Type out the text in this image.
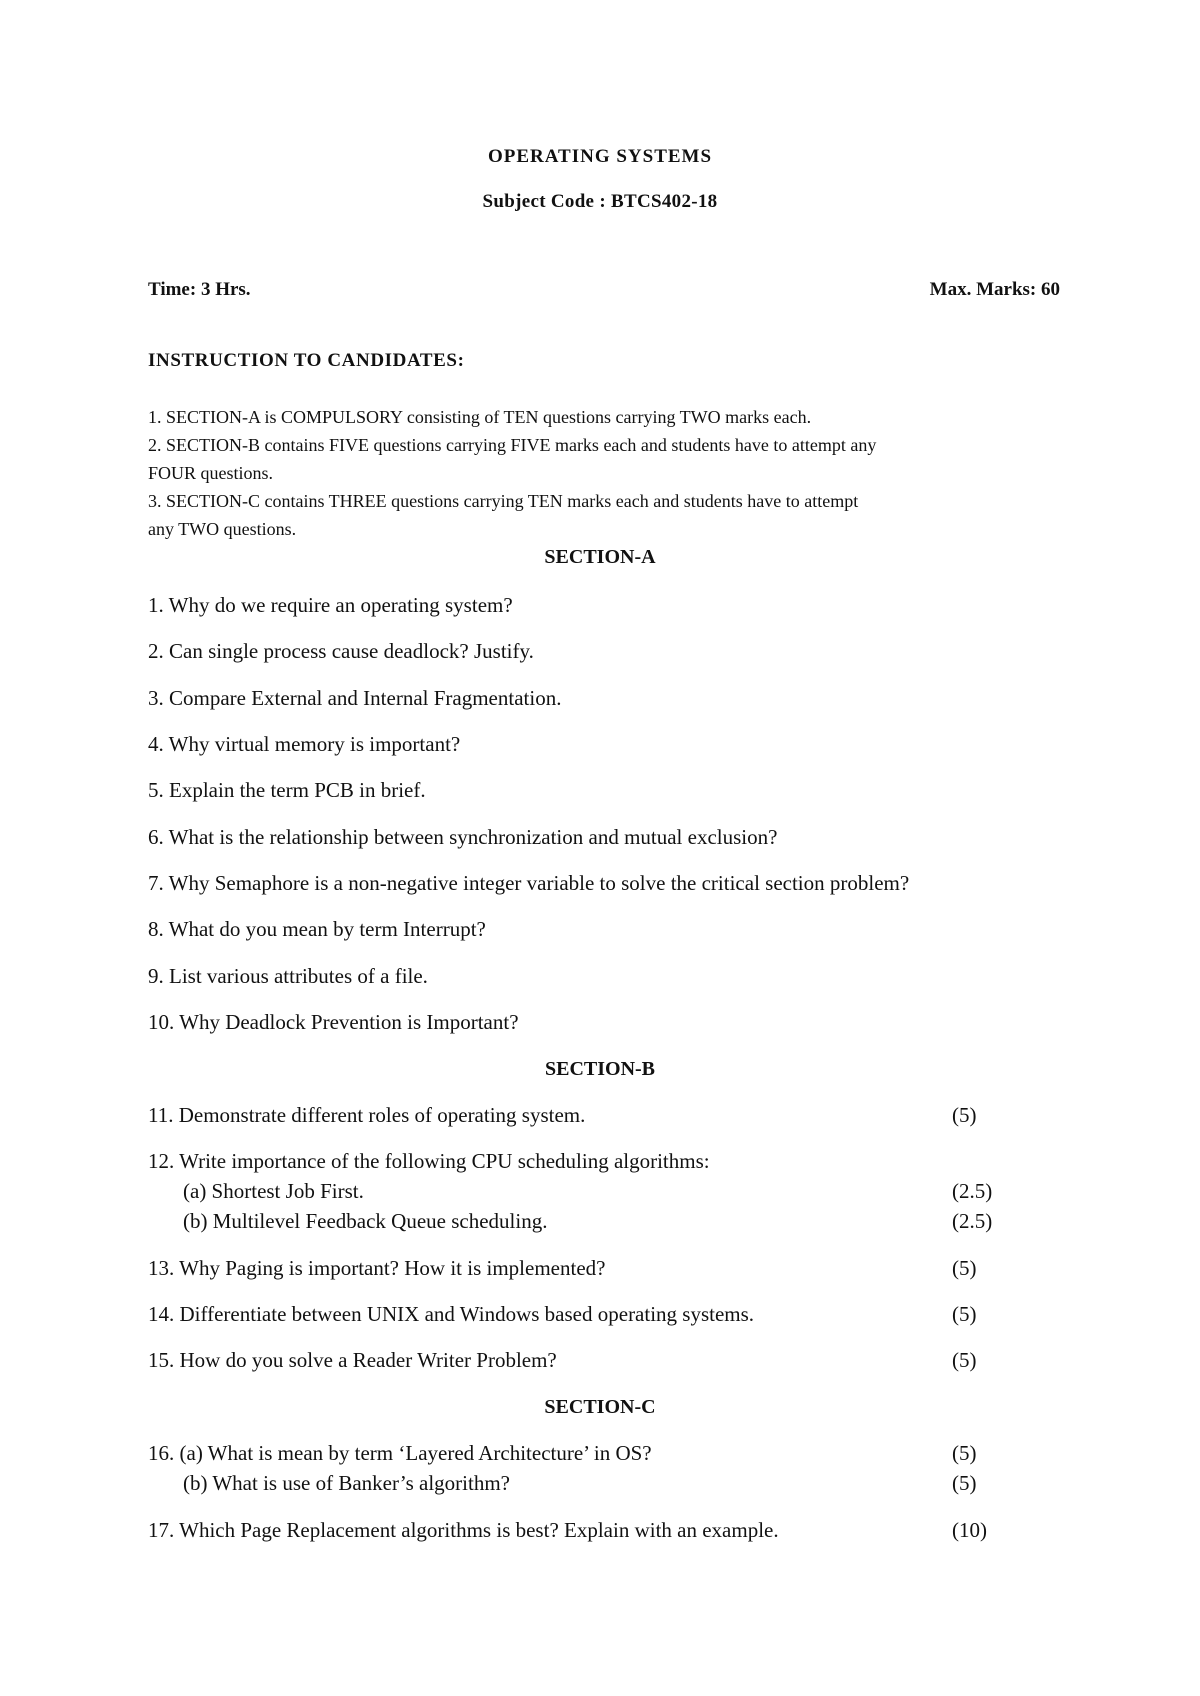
OPERATING SYSTEMS
Subject Code : BTCS402-18
Time: 3 Hrs.	Max. Marks: 60
INSTRUCTION TO CANDIDATES:
1. SECTION-A is COMPULSORY consisting of TEN questions carrying TWO marks each.
2. SECTION-B contains FIVE questions carrying FIVE marks each and students have to attempt any
FOUR questions.
3. SECTION-C contains THREE questions carrying TEN marks each and students have to attempt
any TWO questions.
SECTION-A
1. Why do we require an operating system?
2. Can single process cause deadlock? Justify.
3. Compare External and Internal Fragmentation.
4. Why virtual memory is important?
5. Explain the term PCB in brief.
6. What is the relationship between synchronization and mutual exclusion?
7. Why Semaphore is a non-negative integer variable to solve the critical section problem?
8. What do you mean by term Interrupt?
9. List various attributes of a file.
10. Why Deadlock Prevention is Important?
SECTION-B
11. Demonstrate different roles of operating system.	(5)
12. Write importance of the following CPU scheduling algorithms:
(a) Shortest Job First.	(2.5)
(b) Multilevel Feedback Queue scheduling.	(2.5)
13. Why Paging is important? How it is implemented?	(5)
14. Differentiate between UNIX and Windows based operating systems.	(5)
15. How do you solve a Reader Writer Problem?	(5)
SECTION-C
16. (a) What is mean by term ‘Layered Architecture’ in OS?	(5)
(b) What is use of Banker’s algorithm?	(5)
17. Which Page Replacement algorithms is best? Explain with an example.	(10)
